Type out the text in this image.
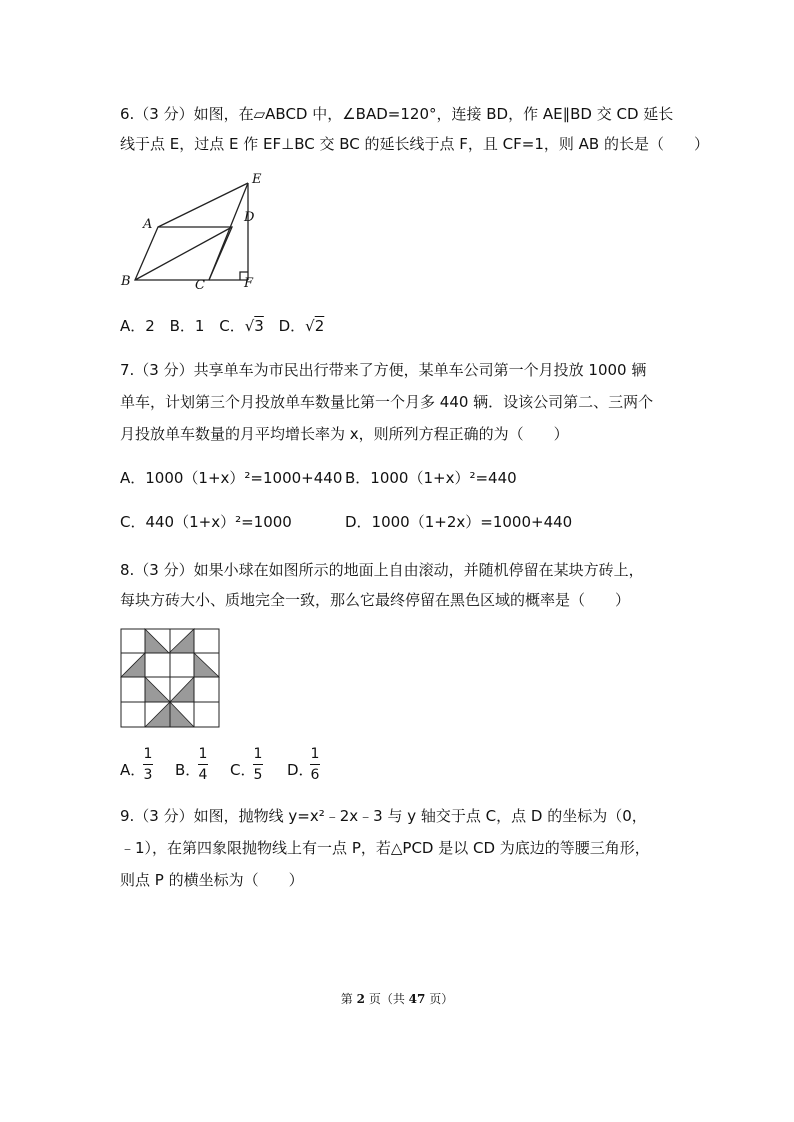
6.（3 分）如图，在▱ABCD 中，∠BAD=120°，连接 BD，作 AE∥BD 交 CD 延长
线于点 E，过点 E 作 EF⊥BC 交 BC 的延长线于点 F，且 CF=1，则 AB 的长是（　　）
A
B	C
D
E
F
A．2 B．1 C．√3 D．√2
7.（3 分）共享单车为市民出行带来了方便，某单车公司第一个月投放 1000 辆
单车，计划第三个月投放单车数量比第一个月多 440 辆．设该公司第二、三两个
月投放单车数量的月平均增长率为 x，则所列方程正确的为（　　）
A．1000（1+x）²=1000+440 B．1000（1+x）²=440
C．440（1+x）²=1000	D．1000（1+2x）=1000+440
8.（3 分）如果小球在如图所示的地面上自由滚动，并随机停留在某块方砖上，
每块方砖大小、质地完全一致，那么它最终停留在黑色区域的概率是（　　）
A．
1
3 B．
1
4 C．
1
5 D．
1
6
9.（3 分）如图，抛物线 y=x²﹣2x﹣3 与 y 轴交于点 C，点 D 的坐标为（0，
﹣1），在第四象限抛物线上有一点 P，若△PCD 是以 CD 为底边的等腰三角形，
则点 P 的横坐标为（　　）
第 2 页（共 47 页）
